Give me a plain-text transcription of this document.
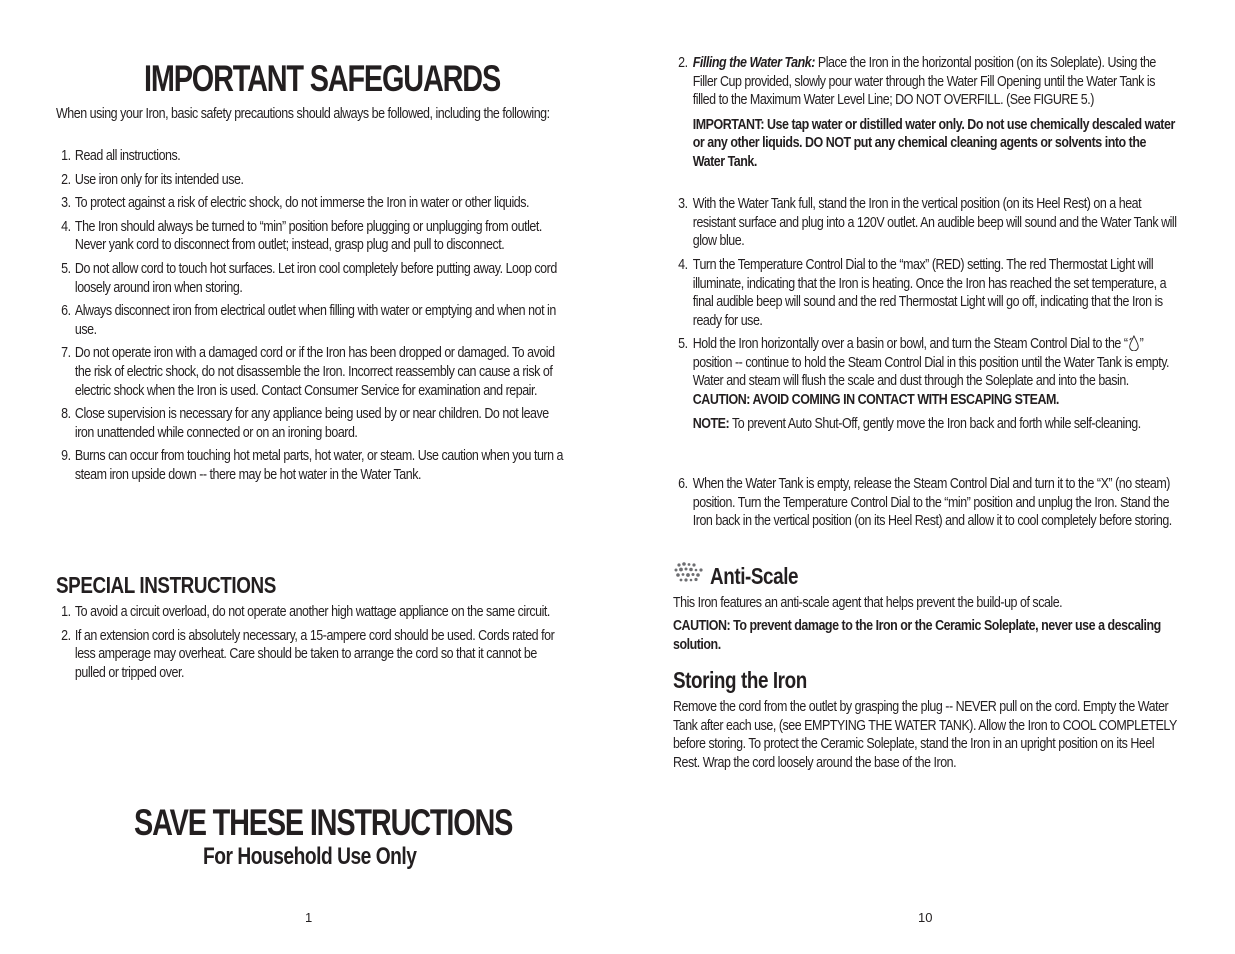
IMPORTANT SAFEGUARDS
When using your Iron, basic safety precautions should always be followed, including the following:
1. Read all instructions.
2. Use iron only for its intended use.
3. To protect against a risk of electric shock, do not immerse the Iron in water or other liquids.
4. The Iron should always be turned to “min” position before plugging or unplugging from outlet. Never yank cord to disconnect from outlet; instead, grasp plug and pull to disconnect.
5. Do not allow cord to touch hot surfaces. Let iron cool completely before putting away. Loop cord loosely around iron when storing.
6. Always disconnect iron from electrical outlet when filling with water or emptying and when not in use.
7. Do not operate iron with a damaged cord or if the Iron has been dropped or damaged. To avoid the risk of electric shock, do not disassemble the Iron. Incorrect reassembly can cause a risk of electric shock when the Iron is used. Contact Consumer Service for examination and repair.
8. Close supervision is necessary for any appliance being used by or near children. Do not leave iron unattended while connected or on an ironing board.
9. Burns can occur from touching hot metal parts, hot water, or steam. Use caution when you turn a steam iron upside down -- there may be hot water in the Water Tank.
SPECIAL INSTRUCTIONS
1. To avoid a circuit overload, do not operate another high wattage appliance on the same circuit.
2. If an extension cord is absolutely necessary, a 15-ampere cord should be used. Cords rated for less amperage may overheat. Care should be taken to arrange the cord so that it cannot be pulled or tripped over.
SAVE THESE INSTRUCTIONS
For Household Use Only
1
2. Filling the Water Tank: Place the Iron in the horizontal position (on its Soleplate). Using the Filler Cup provided, slowly pour water through the Water Fill Opening until the Water Tank is filled to the Maximum Water Level Line; DO NOT OVERFILL. (See FIGURE 5.)
IMPORTANT: Use tap water or distilled water only. Do not use chemically descaled water or any other liquids. DO NOT put any chemical cleaning agents or solvents into the Water Tank.
3. With the Water Tank full, stand the Iron in the vertical position (on its Heel Rest) on a heat resistant surface and plug into a 120V outlet. An audible beep will sound and the Water Tank will glow blue.
4. Turn the Temperature Control Dial to the “max” (RED) setting. The red Thermostat Light will illuminate, indicating that the Iron is heating. Once the Iron has reached the set temperature, a final audible beep will sound and the red Thermostat Light will go off, indicating that the Iron is ready for use.
5. Hold the Iron horizontally over a basin or bowl, and turn the Steam Control Dial to the “ ” position -- continue to hold the Steam Control Dial in this position until the Water Tank is empty. Water and steam will flush the scale and dust through the Soleplate and into the basin.
CAUTION: AVOID COMING IN CONTACT WITH ESCAPING STEAM.
NOTE: To prevent Auto Shut-Off, gently move the Iron back and forth while self-cleaning.
6. When the Water Tank is empty, release the Steam Control Dial and turn it to the “X” (no steam) position. Turn the Temperature Control Dial to the “min” position and unplug the Iron. Stand the Iron back in the vertical position (on its Heel Rest) and allow it to cool completely before storing.
Anti-Scale
This Iron features an anti-scale agent that helps prevent the build-up of scale.
CAUTION: To prevent damage to the Iron or the Ceramic Soleplate, never use a descaling solution.
Storing the Iron
Remove the cord from the outlet by grasping the plug -- NEVER pull on the cord. Empty the Water Tank after each use, (see EMPTYING THE WATER TANK). Allow the Iron to COOL COMPLETELY before storing. To protect the Ceramic Soleplate, stand the Iron in an upright position on its Heel Rest. Wrap the cord loosely around the base of the Iron.
10
